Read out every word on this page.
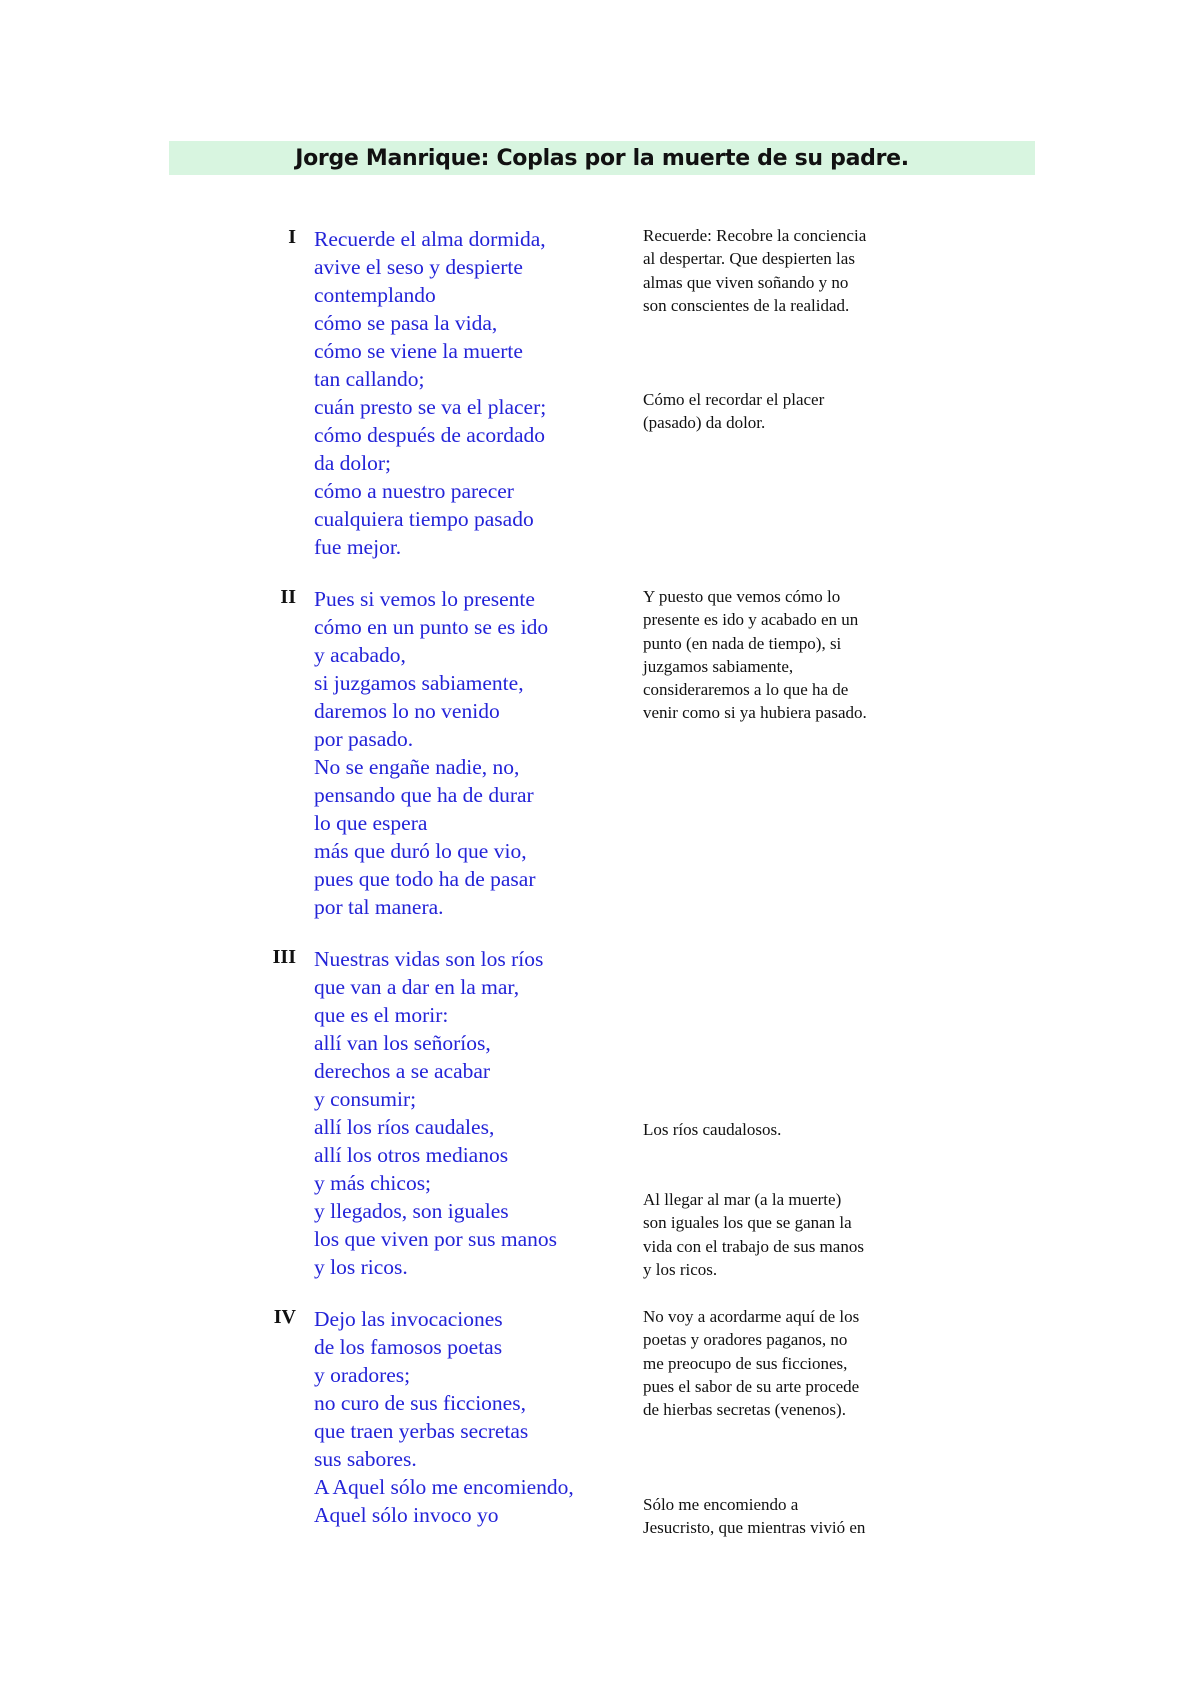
Jorge Manrique: Coplas por la muerte de su padre.
I Recuerde el alma dormida,
avive el seso y despierte
contemplando
cómo se pasa la vida,
cómo se viene la muerte
tan callando;
cuán presto se va el placer;
cómo después de acordado
da dolor;
cómo a nuestro parecer
cualquiera tiempo pasado
fue mejor.
II Pues si vemos lo presente
cómo en un punto se es ido
y acabado,
si juzgamos sabiamente,
daremos lo no venido
por pasado.
No se engañe nadie, no,
pensando que ha de durar
lo que espera
más que duró lo que vio,
pues que todo ha de pasar
por tal manera.
III Nuestras vidas son los ríos
que van a dar en la mar,
que es el morir:
allí van los señoríos,
derechos a se acabar
y consumir;
allí los ríos caudales,
allí los otros medianos
y más chicos;
y llegados, son iguales
los que viven por sus manos
y los ricos.
IV Dejo las invocaciones
de los famosos poetas
y oradores;
no curo de sus ficciones,
que traen yerbas secretas
sus sabores.
A Aquel sólo me encomiendo,
Aquel sólo invoco yo
Recuerde: Recobre la conciencia
al despertar. Que despierten las
almas que viven soñando y no
son conscientes de la realidad.
Cómo el recordar el placer
(pasado) da dolor.
Y puesto que vemos cómo lo
presente es ido y acabado en un
punto (en nada de tiempo), si
juzgamos sabiamente,
consideraremos a lo que ha de
venir como si ya hubiera pasado.
Los ríos caudalosos.
Al llegar al mar (a la muerte)
son iguales los que se ganan la
vida con el trabajo de sus manos
y los ricos.
No voy a acordarme aquí de los
poetas y oradores paganos, no
me preocupo de sus ficciones,
pues el sabor de su arte procede
de hierbas secretas (venenos).
Sólo me encomiendo a
Jesucristo, que mientras vivió en
